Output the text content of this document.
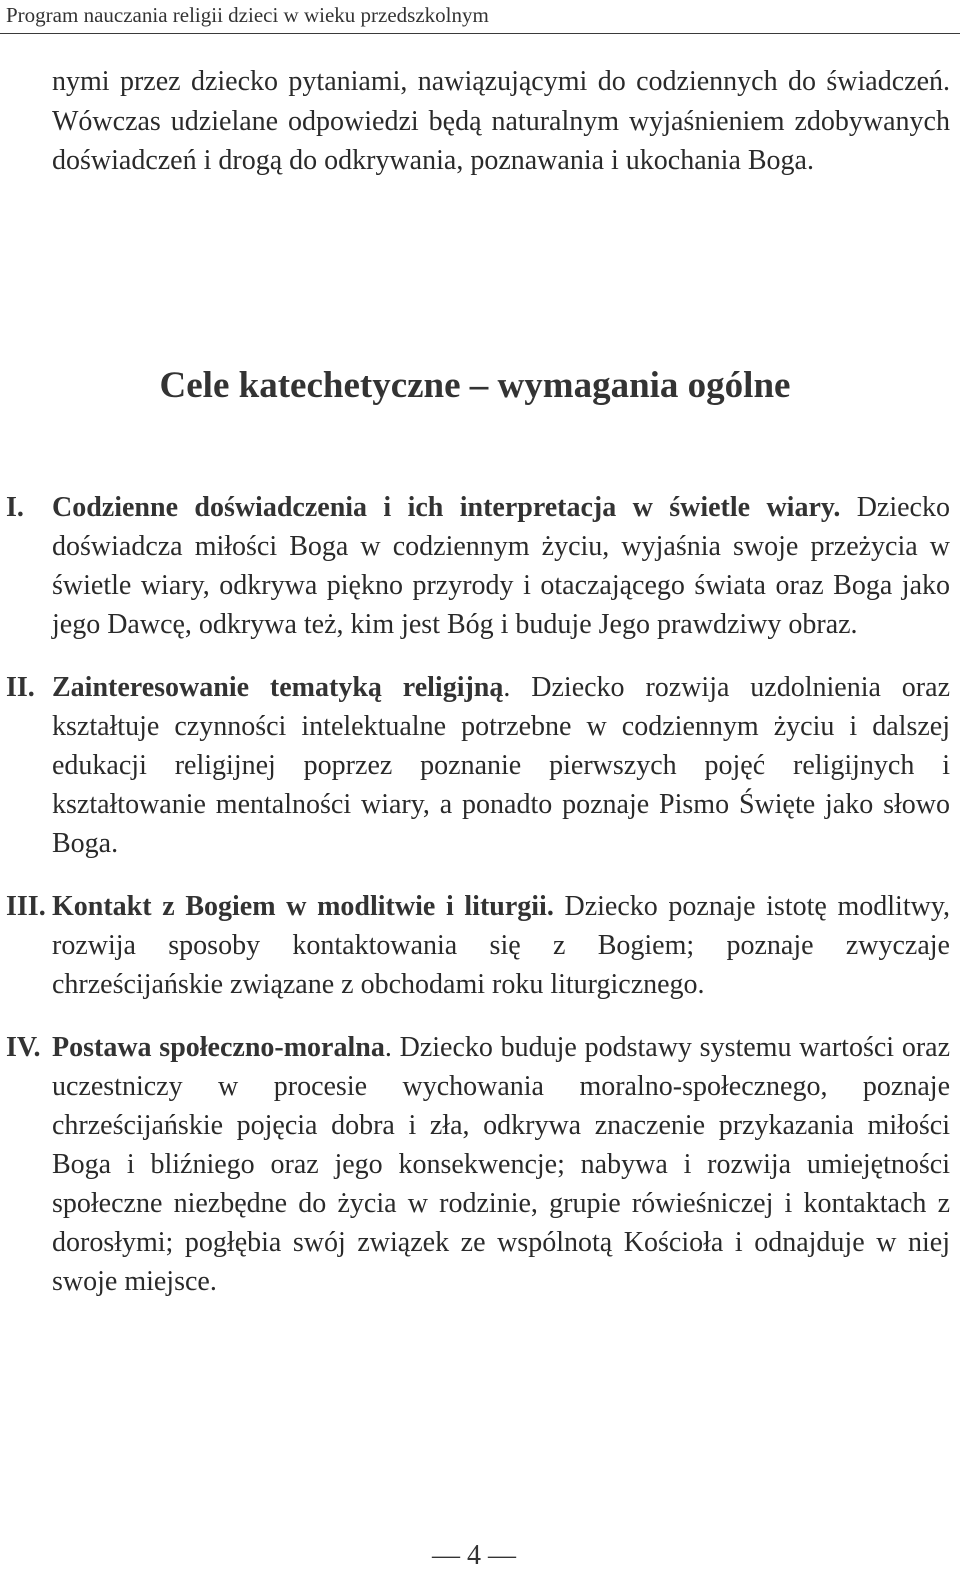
Program nauczania religii dzieci w wieku przedszkolnym

nymi przez dziecko pytaniami, nawiązującymi do codziennych do świadczeń. Wówczas udzielane odpowiedzi będą naturalnym wyjaśnieniem zdobywanych doświadczeń i drogą do odkrywania, poznawania i ukochania Boga.

Cele katechetyczne – wymagania ogólne

I. Codzienne doświadczenia i ich interpretacja w świetle wiary. Dziecko doświadcza miłości Boga w codziennym życiu, wyjaśnia swoje przeżycia w świetle wiary, odkrywa piękno przyrody i otaczającego świata oraz Boga jako jego Dawcę, odkrywa też, kim jest Bóg i buduje Jego prawdziwy obraz.

II. Zainteresowanie tematyką religijną. Dziecko rozwija uzdolnienia oraz kształtuje czynności intelektualne potrzebne w codziennym życiu i dalszej edukacji religijnej poprzez poznanie pierwszych pojęć religijnych i kształtowanie mentalności wiary, a ponadto poznaje Pismo Święte jako słowo Boga.

III. Kontakt z Bogiem w modlitwie i liturgii. Dziecko poznaje istotę modlitwy, rozwija sposoby kontaktowania się z Bogiem; poznaje zwyczaje chrześcijańskie związane z obchodami roku liturgicznego.

IV. Postawa społeczno-moralna. Dziecko buduje podstawy systemu wartości oraz uczestniczy w procesie wychowania moralno-społecznego, poznaje chrześcijańskie pojęcia dobra i zła, odkrywa znaczenie przykazania miłości Boga i bliźniego oraz jego konsekwencje; nabywa i rozwija umiejętności społeczne niezbędne do życia w rodzinie, grupie rówieśniczej i kontaktach z dorosłymi; pogłębia swój związek ze wspólnotą Kościoła i odnajduje w niej swoje miejsce.

— 4 —
